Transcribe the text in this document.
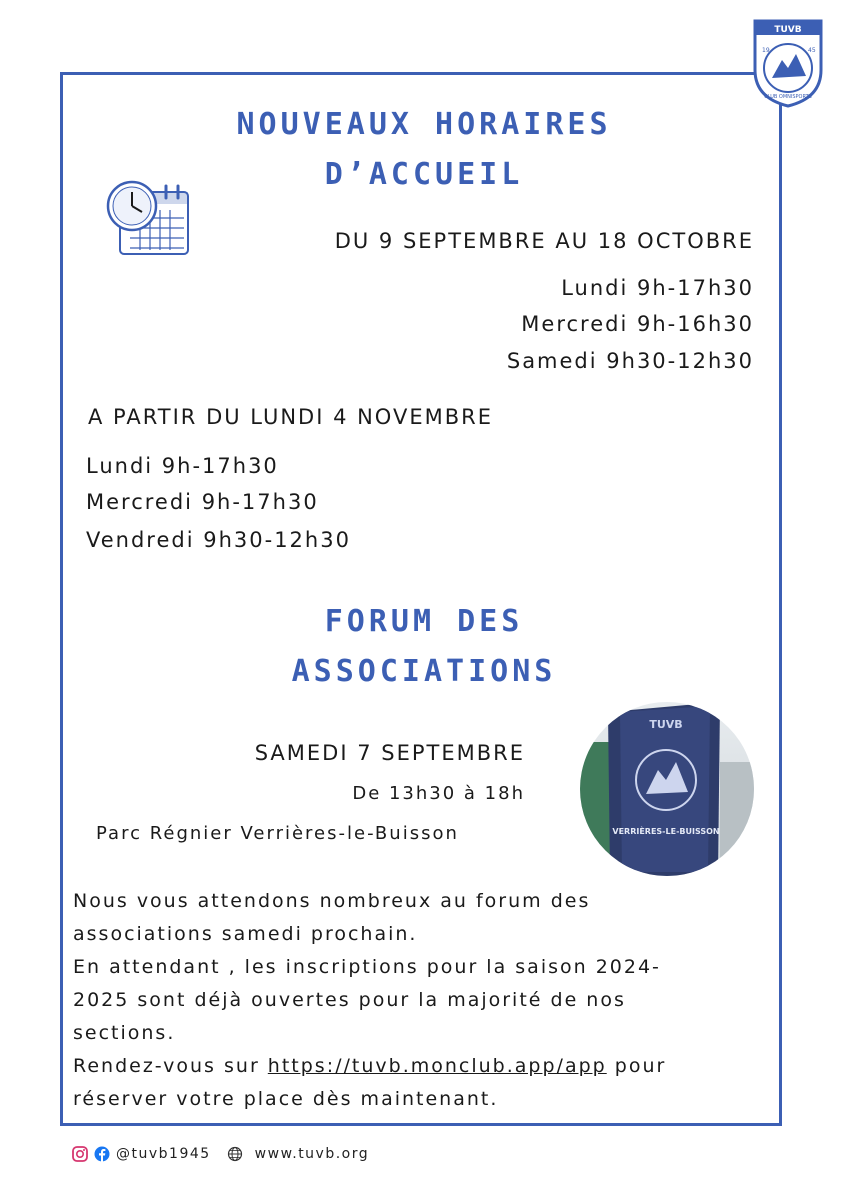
TUVB
19	45
CLUB OMNISPORTS
NOUVEAUX HORAIRES
D’ACCUEIL
DU 9 SEPTEMBRE AU 18 OCTOBRE
Lundi 9h-17h30
Mercredi 9h-16h30
Samedi 9h30-12h30
A PARTIR DU LUNDI 4 NOVEMBRE
Lundi 9h-17h30
Mercredi 9h-17h30
Vendredi 9h30-12h30
FORUM DES
ASSOCIATIONS
SAMEDI 7 SEPTEMBRE
De 13h30 à 18h
Parc Régnier Verrières-le-Buisson
TUVB
VERRIÈRES-LE-BUISSON
Nous vous attendons nombreux au forum des
associations samedi prochain.
En attendant , les inscriptions pour la saison 2024-
2025 sont déjà ouvertes pour la majorité de nos
sections.
Rendez-vous sur https://tuvb.monclub.app/app pour
réserver votre place dès maintenant.
@tuvb1945	www.tuvb.org
